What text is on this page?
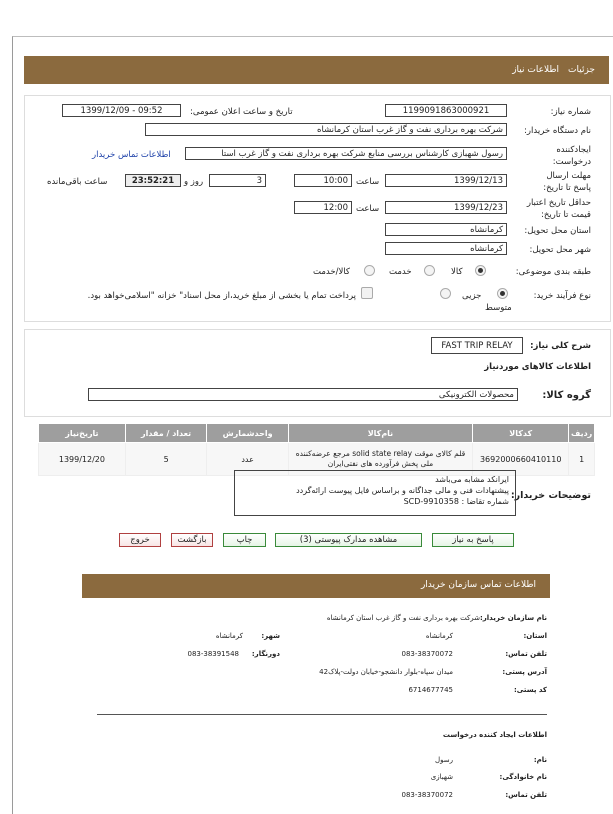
جزئیات
اطلاعات نیاز
شماره نیاز:
1199091863000921
تاریخ و ساعت اعلان عمومی:
1399/12/09 - 09:52
نام دستگاه خریدار:
شرکت بهره برداری نفت و گاز غرب استان کرمانشاه
ایجادکننده درخواست:
رسول شهبازی کارشناس بررسی منابع شرکت بهره برداری نفت و گاز غرب استا
اطلاعات تماس خریدار
مهلت ارسال پاسخ تا تاریخ:
1399/12/13
ساعت
10:00
3
روز و
23:52:21
ساعت باقی‌مانده
حداقل تاریخ اعتبار قیمت تا تاریخ:
1399/12/23
ساعت
12:00
استان محل تحویل:
کرمانشاه
شهر محل تحویل:
کرمانشاه
طبقه بندی موضوعی:
کالا
خدمت
کالا/خدمت
نوع فرآیند خرید:
جزیی
متوسط
پرداخت تمام یا بخشی از مبلغ خرید،از محل اسناد" خزانه "اسلامی‌خواهد بود.
شرح کلی نیاز:
FAST TRIP RELAY
اطلاعات کالاهای موردنیاز
گروه کالا:
محصولات الکترونیکی
ردیف	کدکالا	نام‌کالا	واحدشمارش	تعداد / مقدار	تاریخ‌نیاز
1	3692000660410110	قلم کالای موقت solid state relay مرجع عرضه‌کننده ملی پخش فرآورده های نفتی‌ایران	عدد	5	1399/12/20
توضیحات خریدار:
ایرانکد مشابه می‌باشد
پیشنهادات فنی و مالی جداگانه و براساس فایل پیوست ارائه‌گردد
شماره تقاضا : SCD-9910358
پاسخ به نیاز
مشاهده مدارک پیوستی (3)
چاپ
بازگشت
خروج
اطلاعات تماس سازمان خریدار
نام سازمان خریدار:
شرکت بهره برداری نفت و گاز غرب استان کرمانشاه
استان:
کرمانشاه
شهر:
کرمانشاه
تلفن تماس:
083-38370072
دورنگار:
083-38391548
آدرس پستی:
میدان سپاه-بلوار دانشجو-خیابان دولت-پلاک42
کد پستی:
6714677745
اطلاعات ایجاد کننده درخواست
نام:
رسول
نام خانوادگی:
شهبازی
تلفن تماس:
083-38370072
